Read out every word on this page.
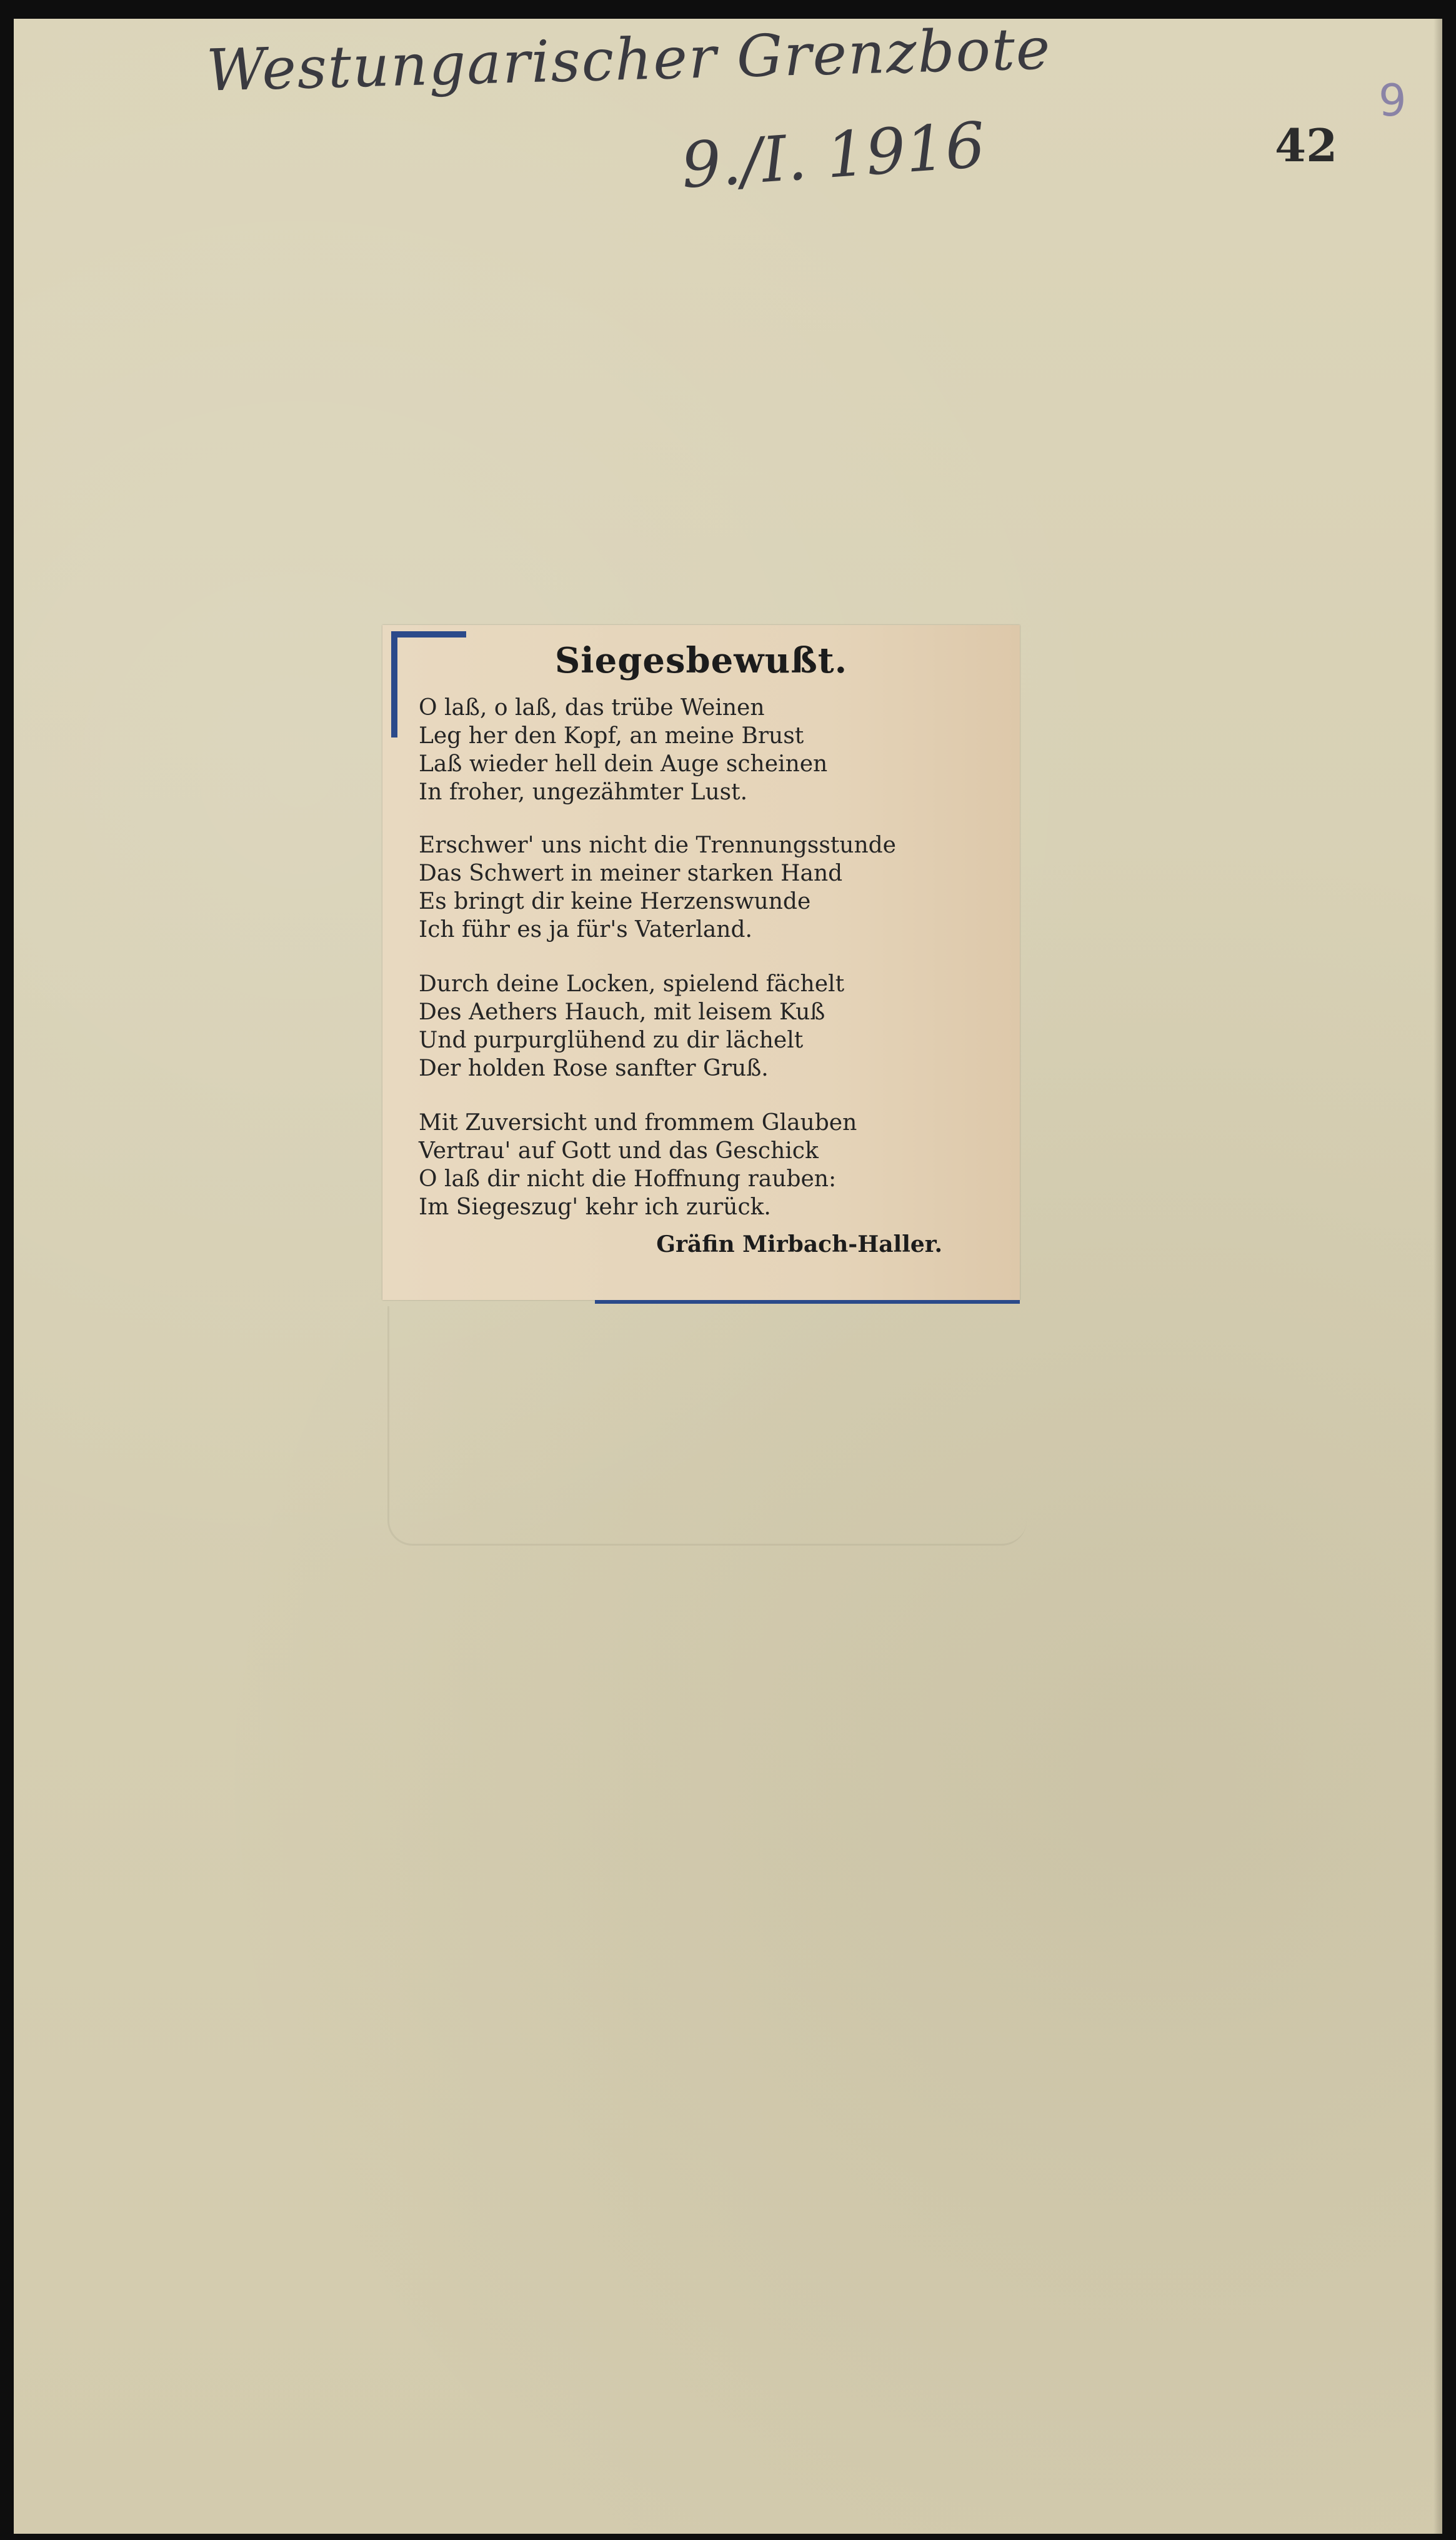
Westungarischer Grenzbote
9./I. 1916	42
9
Siegesbewußt.
O laß, o laß, das trübe Weinen
Leg her den Kopf, an meine Brust
Laß wieder hell dein Auge scheinen
In froher, ungezähmter Lust.
Erschwer' uns nicht die Trennungsstunde
Das Schwert in meiner starken Hand
Es bringt dir keine Herzenswunde
Ich führ es ja für's Vaterland.
Durch deine Locken, spielend fächelt
Des Aethers Hauch, mit leisem Kuß
Und purpurglühend zu dir lächelt
Der holden Rose sanfter Gruß.
Mit Zuversicht und frommem Glauben
Vertrau' auf Gott und das Geschick
O laß dir nicht die Hoffnung rauben:
Im Siegeszug' kehr ich zurück.
Gräfin Mirbach-Haller.
